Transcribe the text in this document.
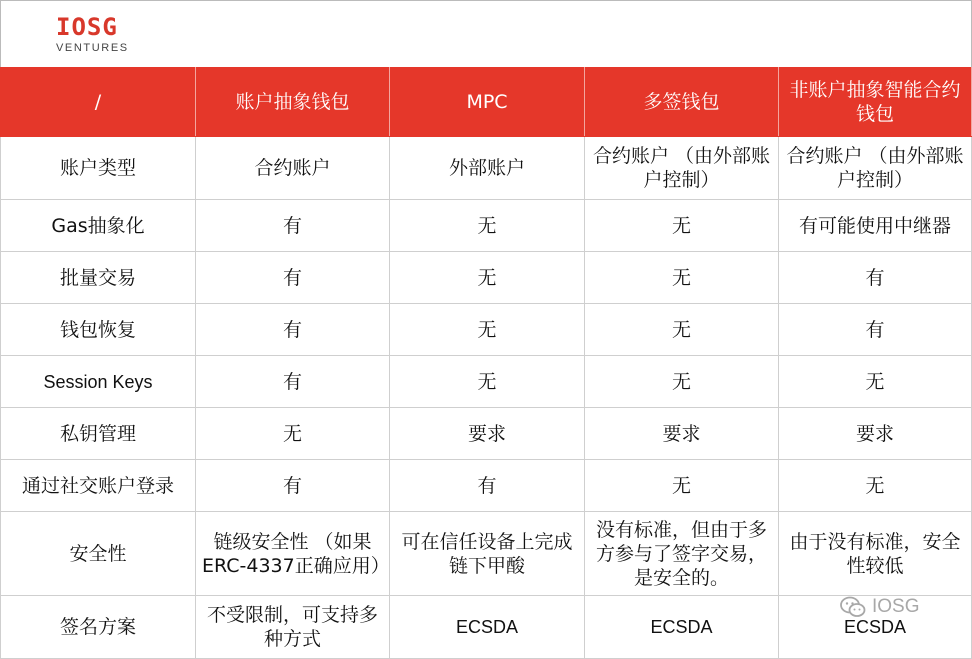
IOSG
VENTURES
/	账户抽象钱包	MPC	多签钱包	非账户抽象智能合约钱包
账户类型	合约账户	外部账户	合约账户 （由外部账户控制）	合约账户 （由外部账户控制）
Gas抽象化	有	无	无	有可能使用中继器
批量交易	有	无	无	有
钱包恢复	有	无	无	有
Session Keys	有	无	无	无
私钥管理	无	要求	要求	要求
通过社交账户登录	有	有	无	无
安全性	链级安全性 （如果ERC-4337正确应用）	可在信任设备上完成链下甲酸	没有标准，但由于多方参与了签字交易，是安全的。	由于没有标准，安全性较低
签名方案	不受限制，可支持多种方式	ECSDA	ECSDA	ECSDA
IOSG
